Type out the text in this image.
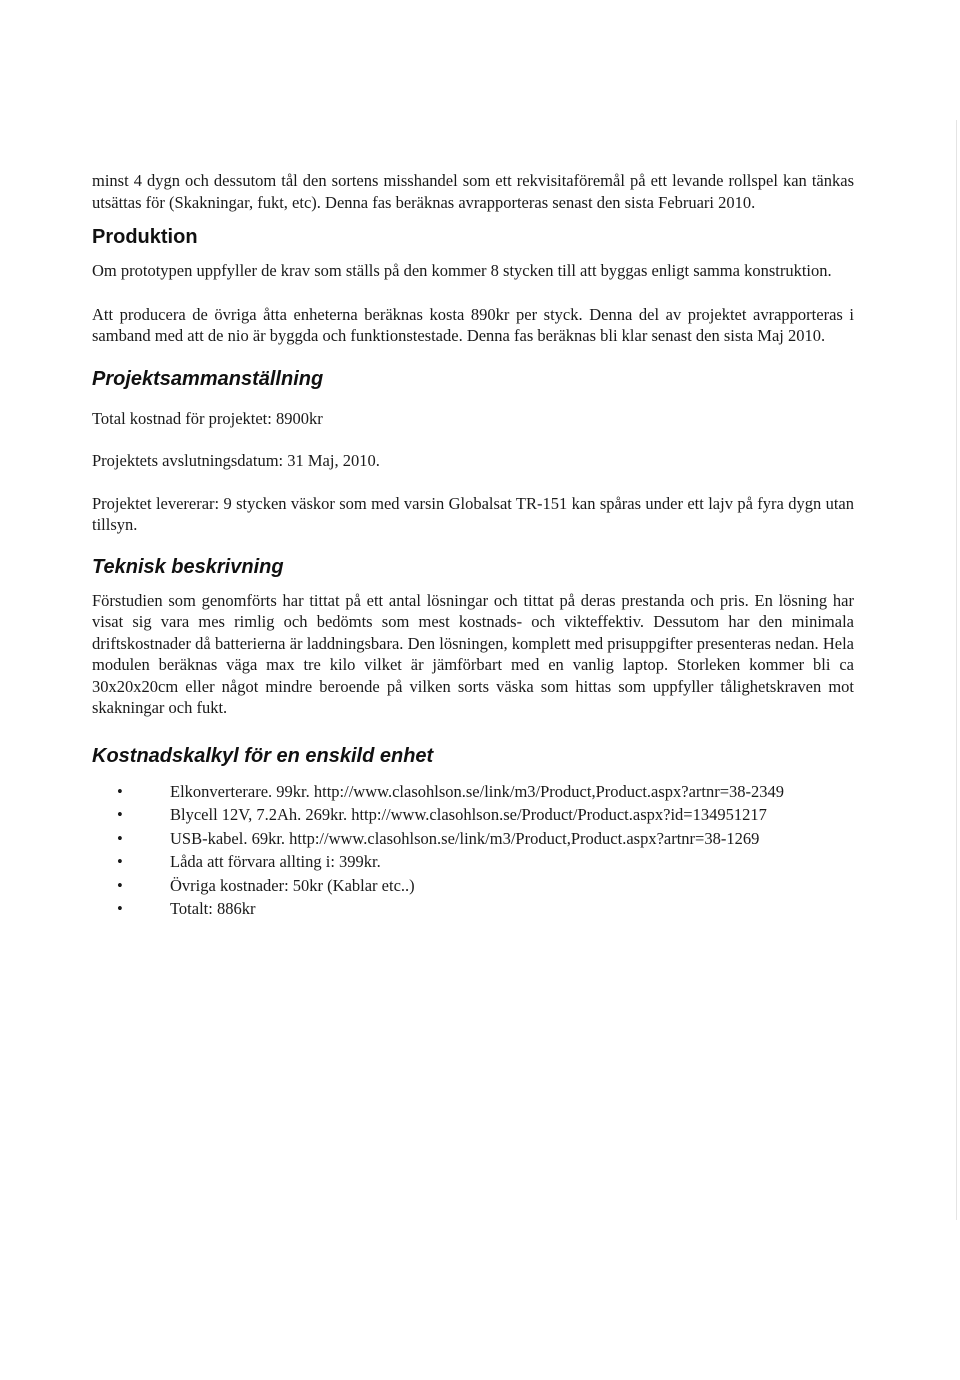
minst 4 dygn och dessutom tål den sortens misshandel som ett rekvisitaföremål på ett levande rollspel kan tänkas utsättas för (Skakningar, fukt, etc). Denna fas beräknas avrapporteras senast den sista Februari 2010.

Produktion

Om prototypen uppfyller de krav som ställs på den kommer 8 stycken till att byggas enligt samma konstruktion.

Att producera de övriga åtta enheterna beräknas kosta 890kr per styck. Denna del av projektet avrapporteras i samband med att de nio är byggda och funktionstestade. Denna fas beräknas bli klar senast den sista Maj 2010.

Projektsammanställning

Total kostnad för projektet: 8900kr

Projektets avslutningsdatum: 31 Maj, 2010.

Projektet levererar: 9 stycken väskor som med varsin Globalsat TR-151 kan spåras under ett lajv på fyra dygn utan tillsyn.

Teknisk beskrivning

Förstudien som genomförts har tittat på ett antal lösningar och tittat på deras prestanda och pris. En lösning har visat sig vara mes rimlig och bedömts som mest kostnads- och vikteffektiv. Dessutom har den minimala driftskostnader då batterierna är laddningsbara. Den lösningen, komplett med prisuppgifter presenteras nedan. Hela modulen beräknas väga max tre kilo vilket är jämförbart med en vanlig laptop. Storleken kommer bli ca 30x20x20cm eller något mindre beroende på vilken sorts väska som hittas som uppfyller tålighetskraven mot skakningar och fukt.

Kostnadskalkyl för en enskild enhet
•	Elkonverterare. 99kr. http://www.clasohlson.se/link/m3/Product,Product.aspx?artnr=38-2349
•	Blycell 12V, 7.2Ah. 269kr. http://www.clasohlson.se/Product/Product.aspx?id=134951217
•	USB-kabel. 69kr. http://www.clasohlson.se/link/m3/Product,Product.aspx?artnr=38-1269
•	Låda att förvara allting i: 399kr.
•	Övriga kostnader: 50kr (Kablar etc..)
•	Totalt: 886kr
